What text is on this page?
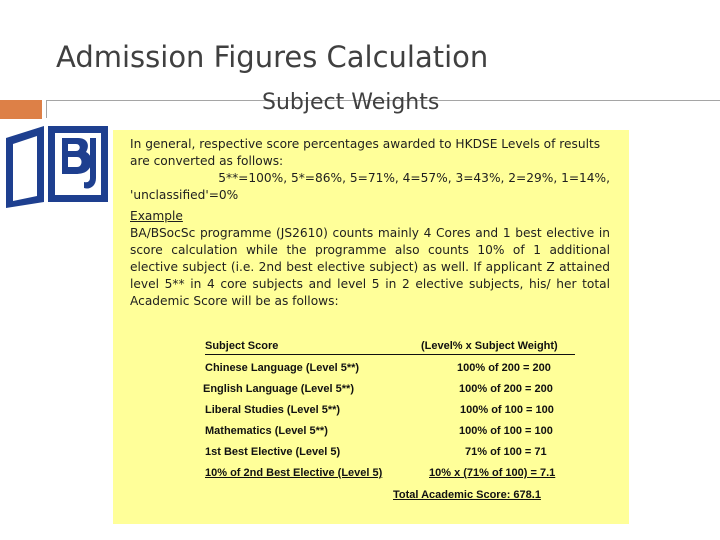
Admission Figures Calculation
Subject Weights
In general, respective score percentages awarded to HKDSE Levels of results are converted as follows:
5**=100%, 5*=86%, 5=71%, 4=57%, 3=43%, 2=29%, 1=14%,
'unclassified'=0%
Example
BA/BSocSc programme (JS2610) counts mainly 4 Cores and 1 best elective in score calculation while the programme also counts 10% of 1 additional elective subject (i.e. 2nd best elective subject) as well. If applicant Z attained level 5** in 4 core subjects and level 5 in 2 elective subjects, his/ her total Academic Score will be as follows:
Subject Score	(Level% x Subject Weight)
Chinese Language (Level 5**)	100% of 200 = 200
English Language (Level 5**)	100% of 200 = 200
Liberal Studies (Level 5**)	100% of 100 = 100
Mathematics (Level 5**)	100% of 100 = 100
1st Best Elective (Level 5)	71% of 100 = 71
10% of 2nd Best Elective (Level 5)	10% x (71% of 100) = 7.1
Total Academic Score: 678.1
